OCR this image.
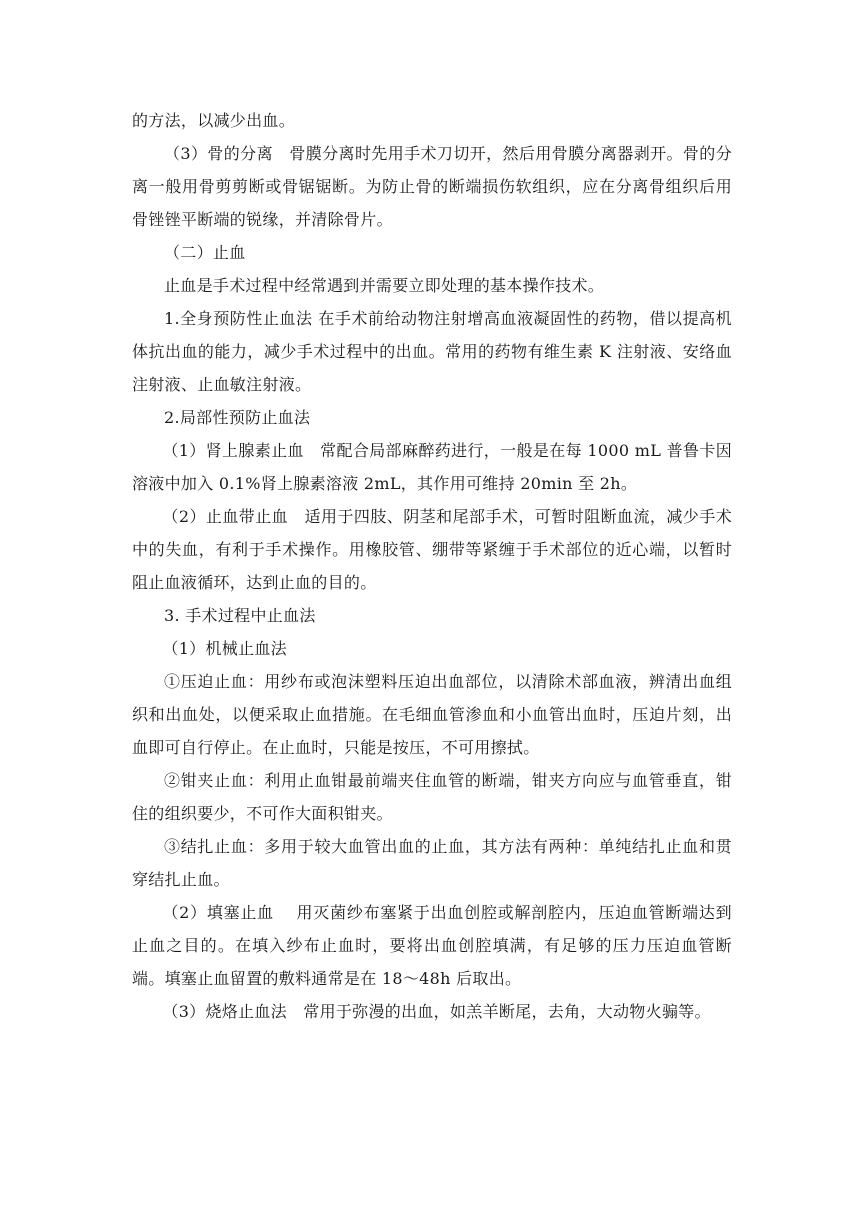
的方法，以减少出血。

（3）骨的分离　骨膜分离时先用手术刀切开，然后用骨膜分离器剥开。骨的分离一般用骨剪剪断或骨锯锯断。为防止骨的断端损伤软组织，应在分离骨组织后用骨锉锉平断端的锐缘，并清除骨片。

（二）止血

止血是手术过程中经常遇到并需要立即处理的基本操作技术。

1.全身预防性止血法 在手术前给动物注射增高血液凝固性的药物，借以提高机体抗出血的能力，减少手术过程中的出血。常用的药物有维生素 K 注射液、安络血注射液、止血敏注射液。

2.局部性预防止血法

（1）肾上腺素止血　常配合局部麻醉药进行，一般是在每 1000 mL 普鲁卡因溶液中加入 0.1%肾上腺素溶液 2mL，其作用可维持 20min 至 2h。

（2）止血带止血　适用于四肢、阴茎和尾部手术，可暂时阻断血流，减少手术中的失血，有利于手术操作。用橡胶管、绷带等紧缠于手术部位的近心端，以暂时阻止血液循环，达到止血的目的。

3. 手术过程中止血法

（1）机械止血法

①压迫止血：用纱布或泡沫塑料压迫出血部位，以清除术部血液，辨清出血组织和出血处，以便采取止血措施。在毛细血管渗血和小血管出血时，压迫片刻，出血即可自行停止。在止血时，只能是按压，不可用擦拭。

②钳夹止血：利用止血钳最前端夹住血管的断端，钳夹方向应与血管垂直，钳住的组织要少，不可作大面积钳夹。

③结扎止血：多用于较大血管出血的止血，其方法有两种：单纯结扎止血和贯穿结扎止血。

（2）填塞止血　 用灭菌纱布塞紧于出血创腔或解剖腔内，压迫血管断端达到止血之目的。在填入纱布止血时，要将出血创腔填满，有足够的压力压迫血管断端。填塞止血留置的敷料通常是在 18～48h 后取出。

（3）烧烙止血法　常用于弥漫的出血，如羔羊断尾，去角，大动物火骟等。
